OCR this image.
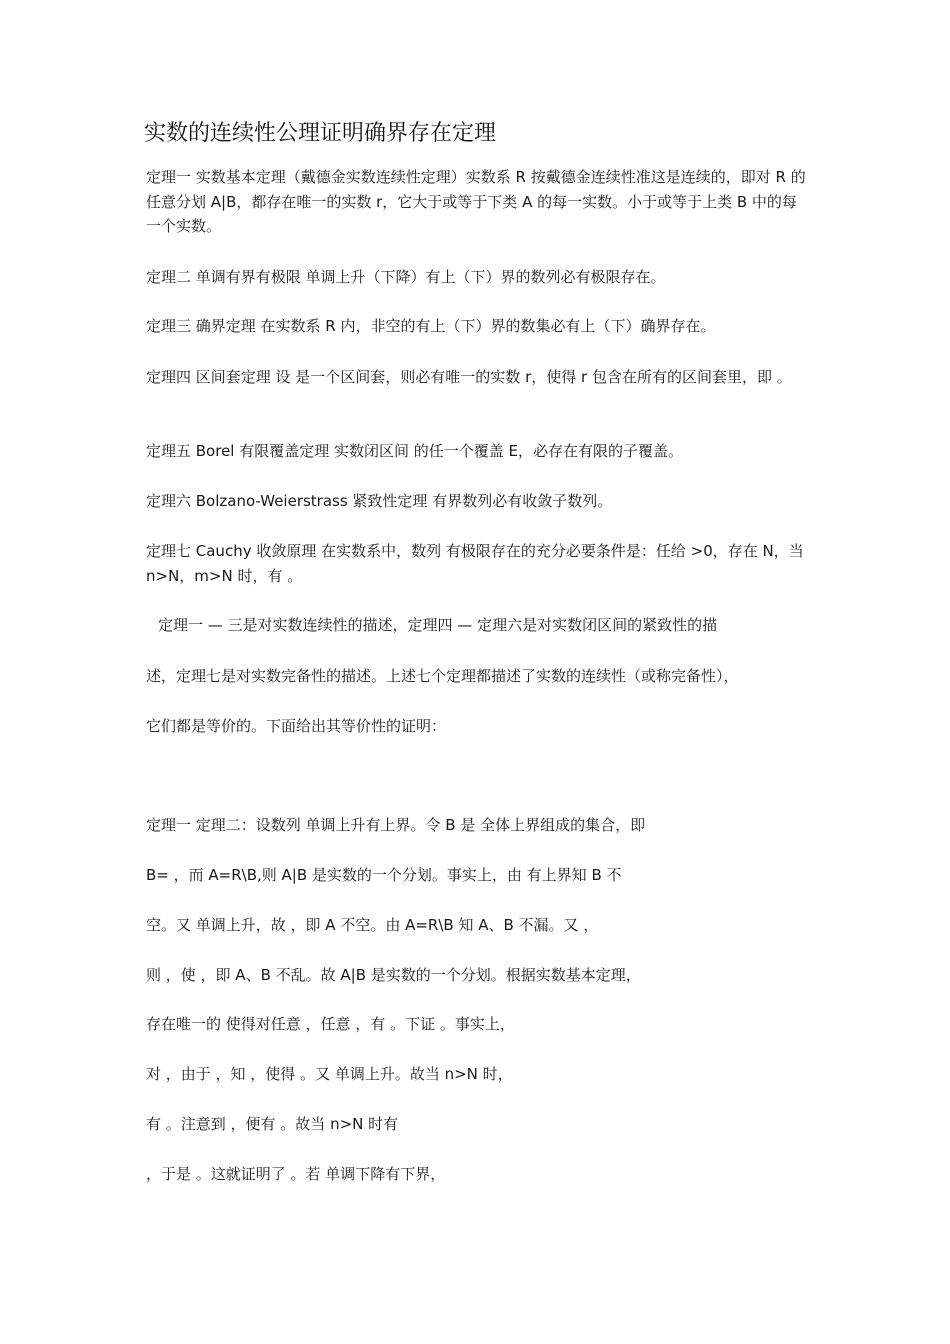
实数的连续性公理证明确界存在定理
定理一 实数基本定理（戴德金实数连续性定理）实数系 R 按戴德金连续性准这是连续的，即对 R 的任意分划 A|B，都存在唯一的实数 r，它大于或等于下类 A 的每一实数。小于或等于上类 B 中的每一个实数。
定理二 单调有界有极限 单调上升（下降）有上（下）界的数列必有极限存在。
定理三 确界定理 在实数系 R 内，非空的有上（下）界的数集必有上（下）确界存在。
定理四 区间套定理 设 是一个区间套，则必有唯一的实数 r，使得 r 包含在所有的区间套里，即 。
定理五 Borel 有限覆盖定理 实数闭区间 的任一个覆盖 E，必存在有限的子覆盖。
定理六 Bolzano-Weierstrass 紧致性定理 有界数列必有收敛子数列。
定理七 Cauchy 收敛原理 在实数系中，数列 有极限存在的充分必要条件是：任给 >0，存在 N，当 n>N，m>N 时，有 。
定理一 — 三是对实数连续性的描述，定理四 — 定理六是对实数闭区间的紧致性的描
述，定理七是对实数完备性的描述。上述七个定理都描述了实数的连续性（或称完备性），
它们都是等价的。下面给出其等价性的证明：
定理一 定理二：设数列 单调上升有上界。令 B 是 全体上界组成的集合，即
B= ，而 A=R\B,则 A|B 是实数的一个分划。事实上，由 有上界知 B 不
空。又 单调上升，故 ，即 A 不空。由 A=R\B 知 A、B 不漏。又 ，
则 ，使 ，即 A、B 不乱。故 A|B 是实数的一个分划。根据实数基本定理，
存在唯一的 使得对任意 ，任意 ，有 。下证 。事实上，
对 ，由于 ，知 ，使得 。又 单调上升。故当 n>N 时，
有 。注意到 ，便有 。故当 n>N 时有
，于是 。这就证明了 。若 单调下降有下界，
